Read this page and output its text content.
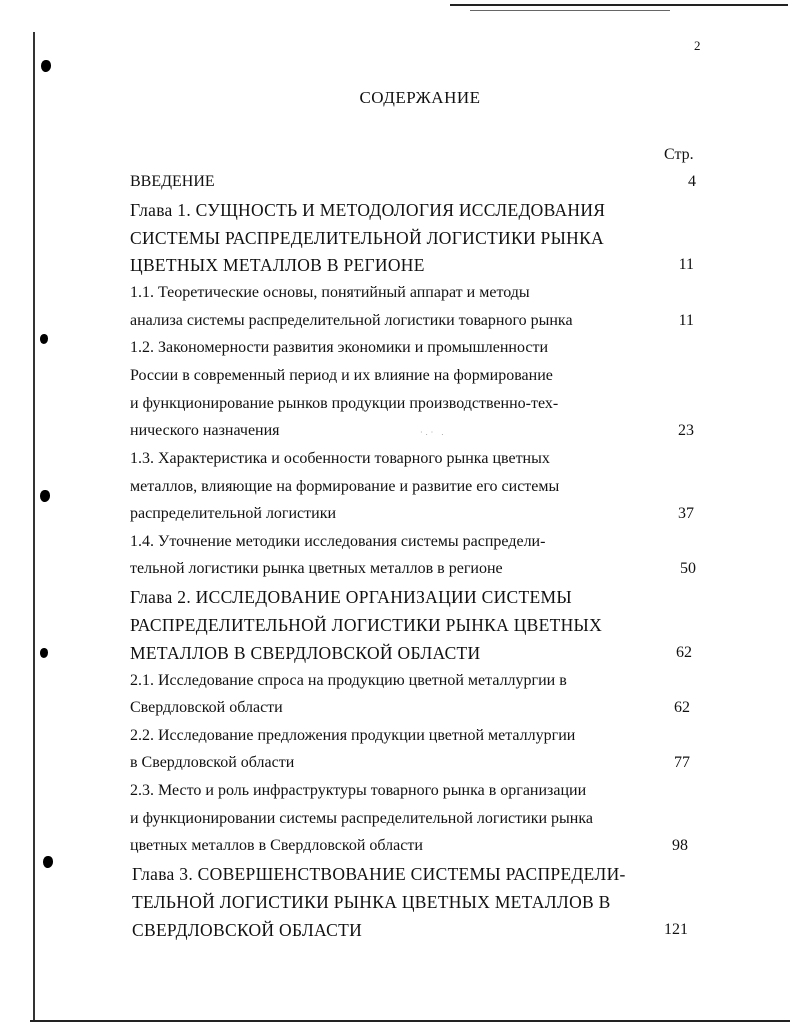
·.· .
2
СОДЕРЖАНИЕ
Стр.
ВВЕДЕНИЕ	4
Глава 1. СУЩНОСТЬ И МЕТОДОЛОГИЯ ИССЛЕДОВАНИЯ
СИСТЕМЫ РАСПРЕДЕЛИТЕЛЬНОЙ ЛОГИСТИКИ РЫНКА
ЦВЕТНЫХ МЕТАЛЛОВ В РЕГИОНЕ	11
1.1. Теоретические основы, понятийный аппарат и методы
анализа системы распределительной логистики товарного рынка	11
1.2. Закономерности развития экономики и промышленности
России в современный период и их влияние на формирование
и функционирование рынков продукции производственно-тех-
нического назначения	23
1.3. Характеристика и особенности товарного рынка цветных
металлов, влияющие на формирование и развитие его системы
распределительной логистики	37
1.4. Уточнение методики исследования системы распредели-
тельной логистики рынка цветных металлов в регионе	50
Глава 2. ИССЛЕДОВАНИЕ ОРГАНИЗАЦИИ СИСТЕМЫ
РАСПРЕДЕЛИТЕЛЬНОЙ ЛОГИСТИКИ РЫНКА ЦВЕТНЫХ
МЕТАЛЛОВ В СВЕРДЛОВСКОЙ ОБЛАСТИ	62
2.1. Исследование спроса на продукцию цветной металлургии в
Свердловской области	62
2.2. Исследование предложения продукции цветной металлургии
в Свердловской области	77
2.3. Место и роль инфраструктуры товарного рынка в организации
и функционировании системы распределительной логистики рынка
цветных металлов в Свердловской области	98
Глава 3. СОВЕРШЕНСТВОВАНИЕ СИСТЕМЫ РАСПРЕДЕЛИ-
ТЕЛЬНОЙ ЛОГИСТИКИ РЫНКА ЦВЕТНЫХ МЕТАЛЛОВ В
СВЕРДЛОВСКОЙ ОБЛАСТИ	121
